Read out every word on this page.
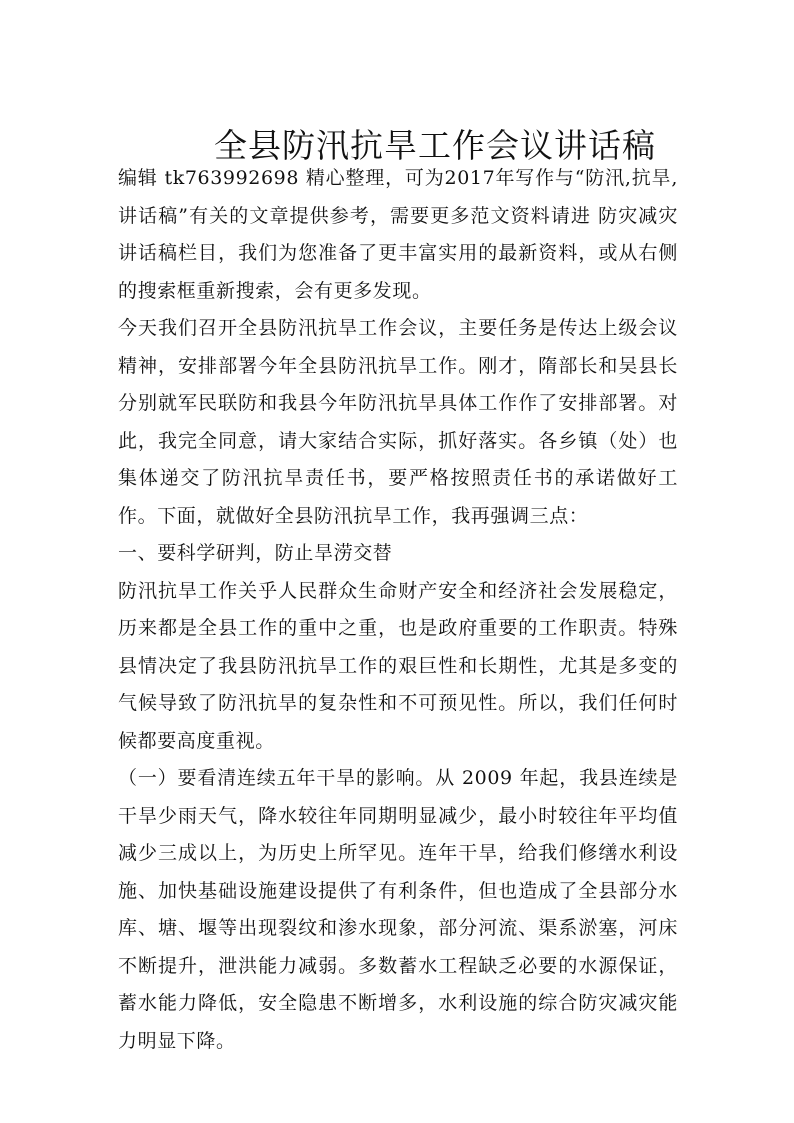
全县防汛抗旱工作会议讲话稿

编辑 tk763992698 精心整理，可为2017年写作与“防汛,抗旱,讲话稿”有关的文章提供参考，需要更多范文资料请进 防灾减灾讲话稿栏目，我们为您准备了更丰富实用的最新资料，或从右侧的搜索框重新搜索，会有更多发现。

今天我们召开全县防汛抗旱工作会议，主要任务是传达上级会议精神，安排部署今年全县防汛抗旱工作。刚才，隋部长和吴县长分别就军民联防和我县今年防汛抗旱具体工作作了安排部署。对此，我完全同意，请大家结合实际，抓好落实。各乡镇（处）也集体递交了防汛抗旱责任书，要严格按照责任书的承诺做好工作。下面，就做好全县防汛抗旱工作，我再强调三点：

一、要科学研判，防止旱涝交替

防汛抗旱工作关乎人民群众生命财产安全和经济社会发展稳定，历来都是全县工作的重中之重，也是政府重要的工作职责。特殊县情决定了我县防汛抗旱工作的艰巨性和长期性，尤其是多变的气候导致了防汛抗旱的复杂性和不可预见性。所以，我们任何时候都要高度重视。

（一）要看清连续五年干旱的影响。从 2009 年起，我县连续是干旱少雨天气，降水较往年同期明显减少，最小时较往年平均值减少三成以上，为历史上所罕见。连年干旱，给我们修缮水利设施、加快基础设施建设提供了有利条件，但也造成了全县部分水库、塘、堰等出现裂纹和渗水现象，部分河流、渠系淤塞，河床不断提升，泄洪能力减弱。多数蓄水工程缺乏必要的水源保证，蓄水能力降低，安全隐患不断增多，水利设施的综合防灾减灾能力明显下降。
